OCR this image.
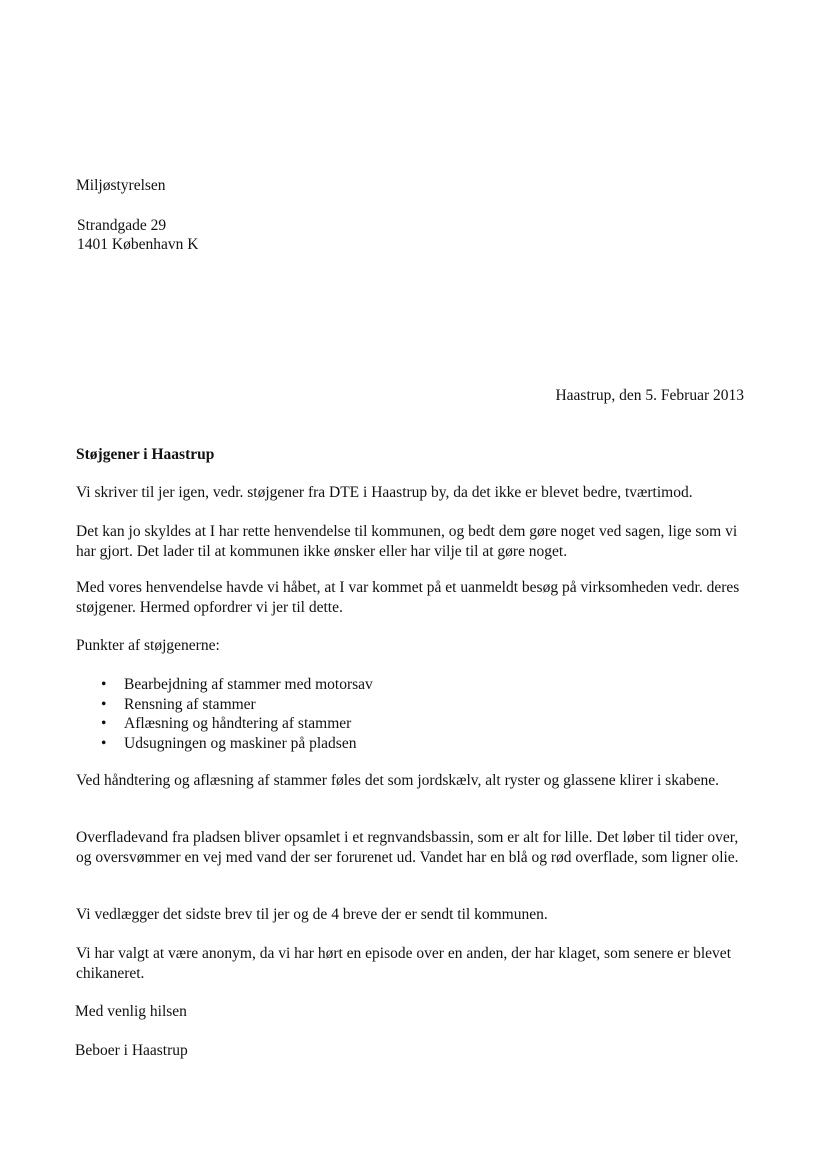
Miljøstyrelsen
Strandgade 29
1401 København K
Haastrup, den 5. Februar 2013
Støjgener i Haastrup
Vi skriver til jer igen, vedr. støjgener fra DTE i Haastrup by, da det ikke er blevet bedre, tværtimod.
Det kan jo skyldes at I har rette henvendelse til kommunen, og bedt dem gøre noget ved sagen, lige som vi har gjort. Det lader til at kommunen ikke ønsker eller har vilje til at gøre noget.
Med vores henvendelse havde vi håbet, at I var kommet på et uanmeldt besøg på virksomheden vedr. deres støjgener. Hermed opfordrer vi jer til dette.
Punkter af støjgenerne:
• Bearbejdning af stammer med motorsav
• Rensning af stammer
• Aflæsning og håndtering af stammer
• Udsugningen og maskiner på pladsen
Ved håndtering og aflæsning af stammer føles det som jordskælv, alt ryster og glassene klirer i skabene.
Overfladevand fra pladsen bliver opsamlet i et regnvandsbassin, som er alt for lille. Det løber til tider over, og oversvømmer en vej med vand der ser forurenet ud. Vandet har en blå og rød overflade, som ligner olie.
Vi vedlægger det sidste brev til jer og de 4 breve der er sendt til kommunen.
Vi har valgt at være anonym, da vi har hørt en episode over en anden, der har klaget, som senere er blevet chikaneret.
Med venlig hilsen
Beboer i Haastrup
